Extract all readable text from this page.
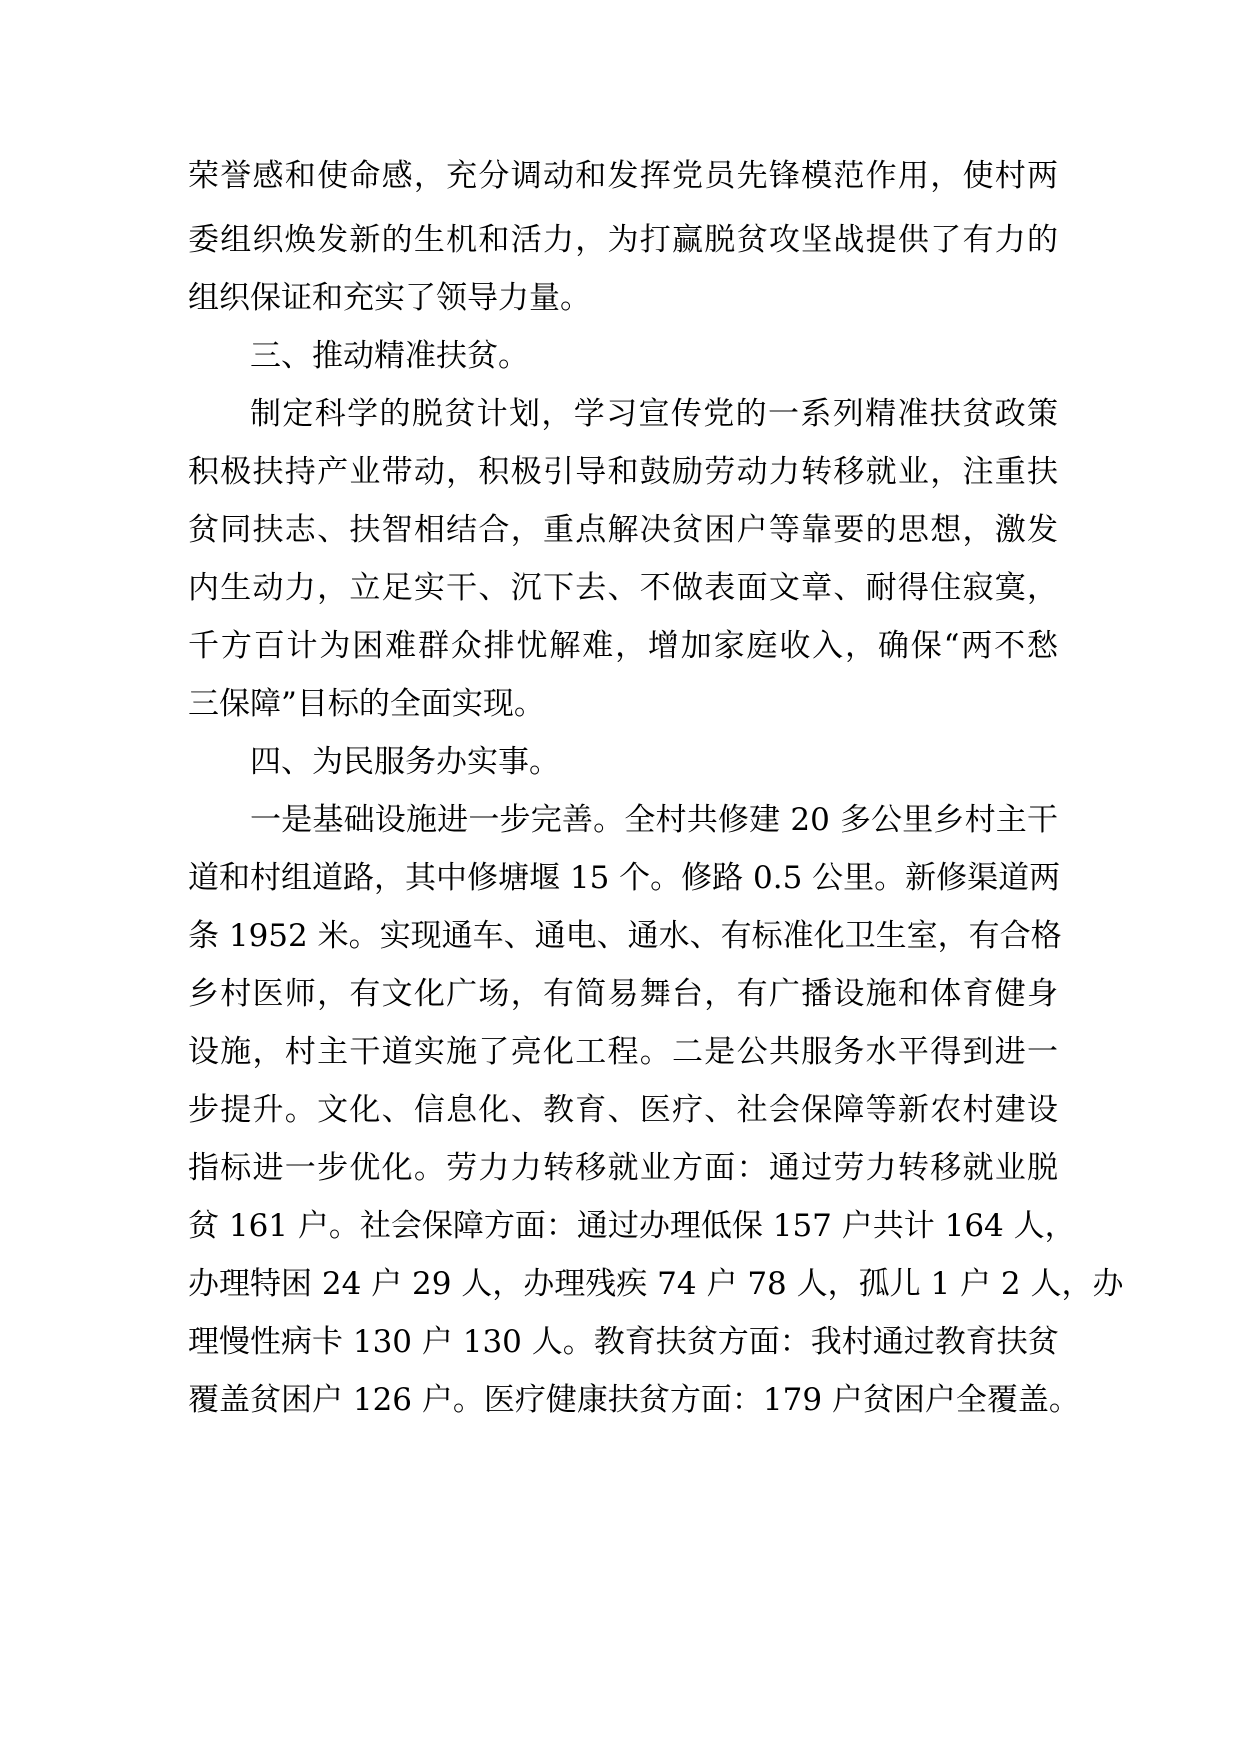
荣誉感和使命感，充分调动和发挥党员先锋模范作用，使村两
委组织焕发新的生机和活力，为打赢脱贫攻坚战提供了有力的
组织保证和充实了领导力量。
三、推动精准扶贫。
制定科学的脱贫计划，学习宣传党的一系列精准扶贫政策
积极扶持产业带动，积极引导和鼓励劳动力转移就业，注重扶
贫同扶志、扶智相结合，重点解决贫困户等靠要的思想，激发
内生动力，立足实干、沉下去、不做表面文章、耐得住寂寞，
千方百计为困难群众排忧解难，增加家庭收入，确保“两不愁
三保障”目标的全面实现。
四、为民服务办实事。
一是基础设施进一步完善。全村共修建 20 多公里乡村主干
道和村组道路，其中修塘堰 15 个。修路 0.5 公里。新修渠道两
条 1952 米。实现通车、通电、通水、有标准化卫生室，有合格
乡村医师，有文化广场，有简易舞台，有广播设施和体育健身
设施，村主干道实施了亮化工程。二是公共服务水平得到进一
步提升。文化、信息化、教育、医疗、社会保障等新农村建设
指标进一步优化。劳力力转移就业方面：通过劳力转移就业脱
贫 161 户。社会保障方面：通过办理低保 157 户共计 164 人，
办理特困 24 户 29 人，办理残疾 74 户 78 人，孤儿 1 户 2 人，办
理慢性病卡 130 户 130 人。教育扶贫方面：我村通过教育扶贫
覆盖贫困户 126 户。医疗健康扶贫方面：179 户贫困户全覆盖。
